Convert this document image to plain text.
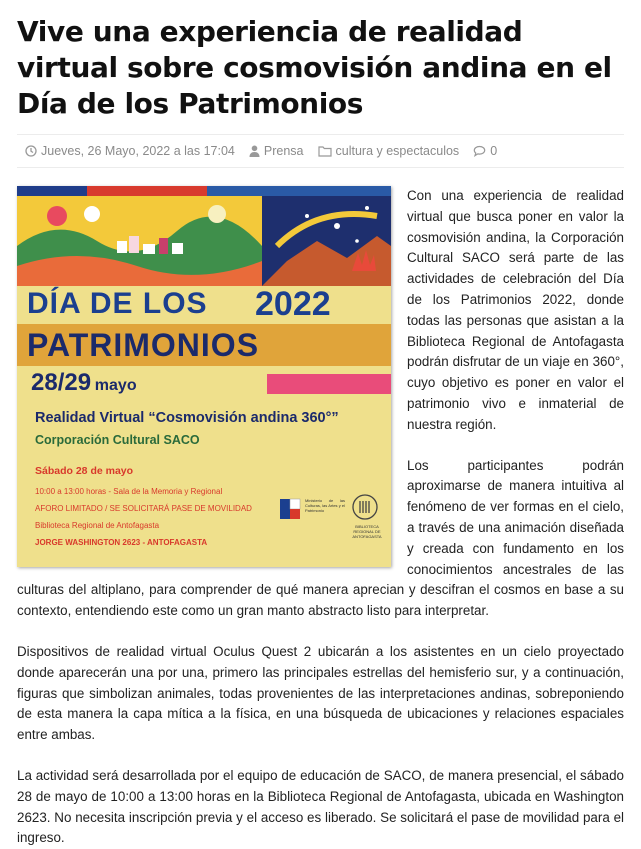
Vive una experiencia de realidad virtual sobre cosmovisión andina en el Día de los Patrimonios
Jueves, 26 Mayo, 2022 a las 17:04 Prensa	cultura y espectaculos 0
DÍA DE LOS 2022
PATRIMONIOS
28/29 mayo
Realidad Virtual “Cosmovisión andina 360°”
Corporación Cultural SACO
Sábado 28 de mayo
10:00 a 13:00 horas - Sala de la Memoria y Regional
AFORO LIMITADO / SE SOLICITARÁ PASE DE MOVILIDAD
Biblioteca Regional de Antofagasta
JORGE WASHINGTON 2623 - ANTOFAGASTA
Ministerio de las Culturas, las Artes y el Patrimonio
BIBLIOTECA REGIONAL DE ANTOFAGASTA

Con una experiencia de realidad virtual que busca poner en valor la cosmovisión andina, la Corporación Cultural SACO será parte de las actividades de celebración del Día de los Patrimonios 2022, donde todas las personas que asistan a la Biblioteca Regional de Antofagasta podrán disfrutar de un viaje en 360°, cuyo objetivo es poner en valor el patrimonio vivo e inmaterial de nuestra región.

Los participantes podrán aproximarse de manera intuitiva al fenómeno de ver formas en el cielo, a través de una animación diseñada y creada con fundamento en los conocimientos ancestrales de las culturas del altiplano, para comprender de qué manera aprecian y descifran el cosmos en base a su contexto, entendiendo este como un gran manto abstracto listo para interpretar.

Dispositivos de realidad virtual Oculus Quest 2 ubicarán a los asistentes en un cielo proyectado donde aparecerán una por una, primero las principales estrellas del hemisferio sur, y a continuación, figuras que simbolizan animales, todas provenientes de las interpretaciones andinas, sobreponiendo de esta manera la capa mítica a la física, en una búsqueda de ubicaciones y relaciones espaciales entre ambas.

La actividad será desarrollada por el equipo de educación de SACO, de manera presencial, el sábado 28 de mayo de 10:00 a 13:00 horas en la Biblioteca Regional de Antofagasta, ubicada en Washington 2623. No necesita inscripción previa y el acceso es liberado. Se solicitará el pase de movilidad para el ingreso.
